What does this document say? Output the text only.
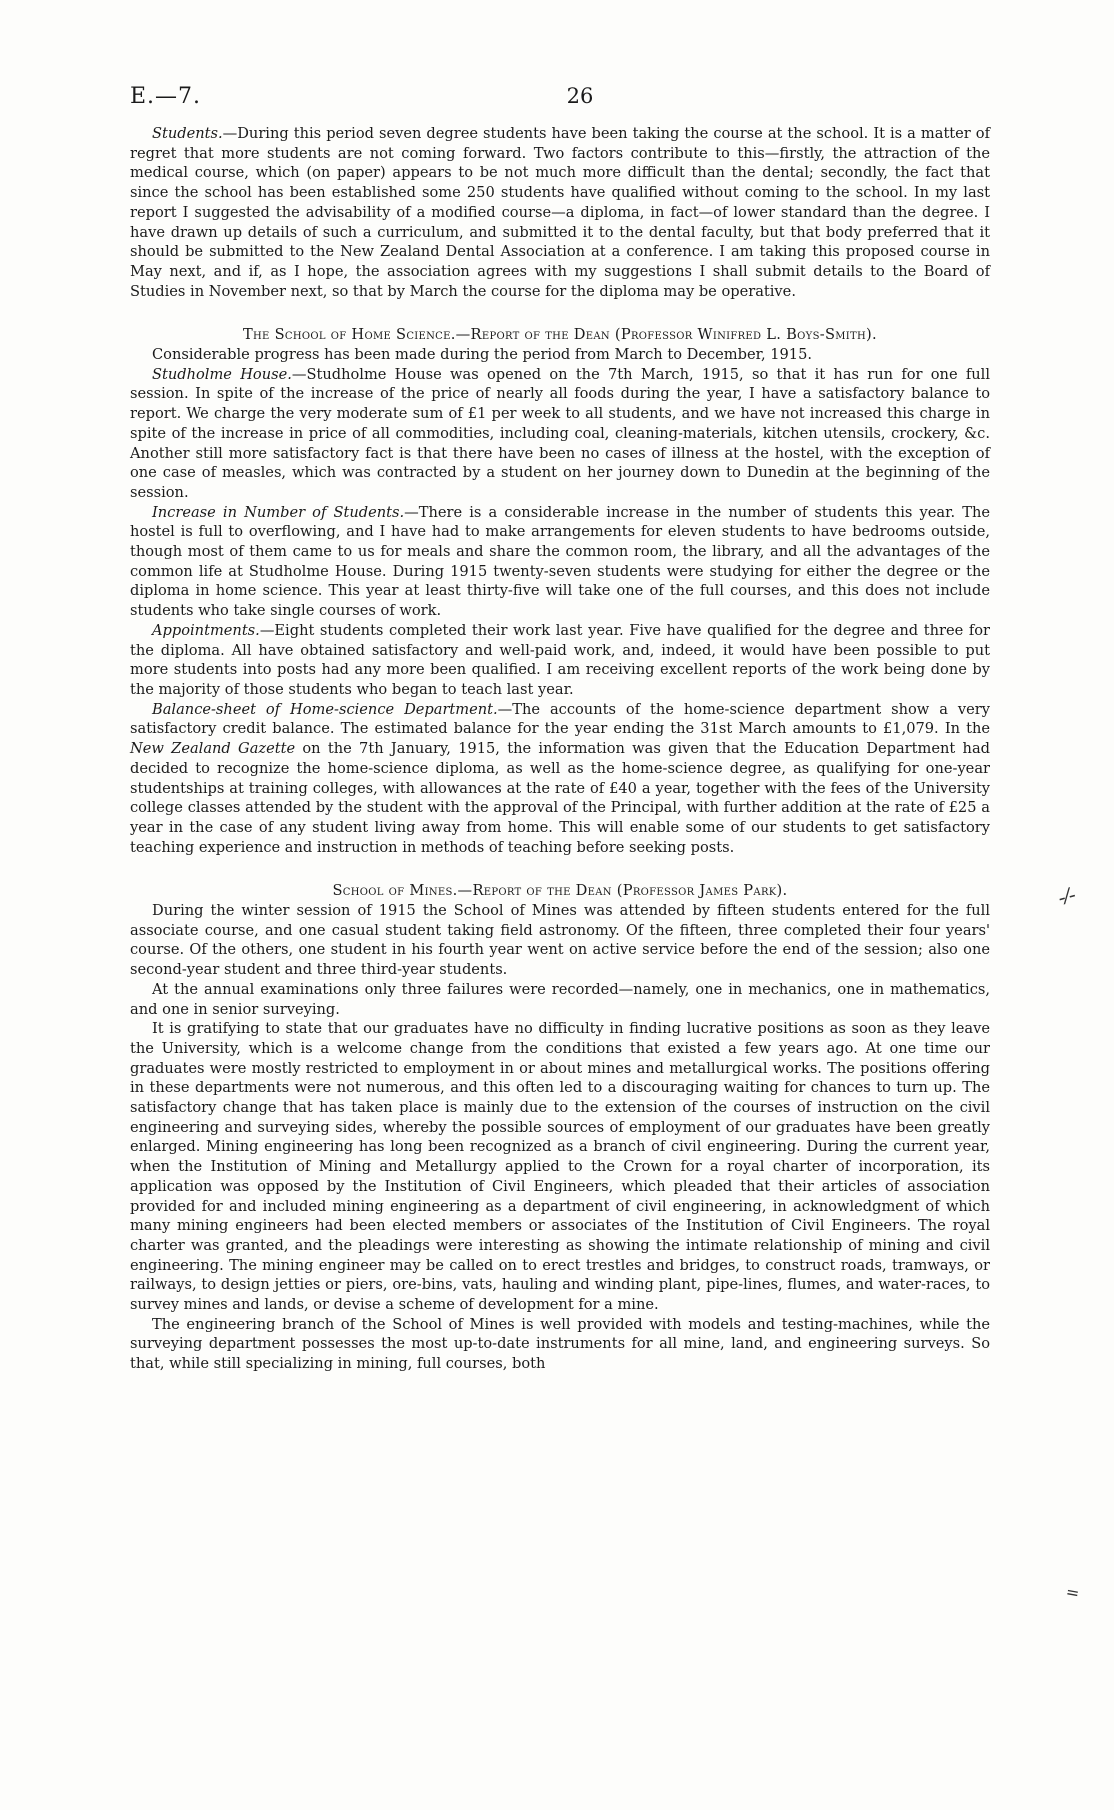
E.—7.	26

Students.—During this period seven degree students have been taking the course at the school. It is a matter of regret that more students are not coming forward. Two factors contribute to this—firstly, the attraction of the medical course, which (on paper) appears to be not much more difficult than the dental; secondly, the fact that since the school has been established some 250 students have qualified without coming to the school. In my last report I suggested the advisability of a modified course—a diploma, in fact—of lower standard than the degree. I have drawn up details of such a curriculum, and submitted it to the dental faculty, but that body preferred that it should be submitted to the New Zealand Dental Association at a conference. I am taking this proposed course in May next, and if, as I hope, the association agrees with my suggestions I shall submit details to the Board of Studies in November next, so that by March the course for the diploma may be operative.

The School of Home Science.—Report of the Dean (Professor Winifred L. Boys-Smith).

Considerable progress has been made during the period from March to December, 1915.

Studholme House.—Studholme House was opened on the 7th March, 1915, so that it has run for one full session. In spite of the increase of the price of nearly all foods during the year, I have a satisfactory balance to report. We charge the very moderate sum of £1 per week to all students, and we have not increased this charge in spite of the increase in price of all commodities, including coal, cleaning-materials, kitchen utensils, crockery, &c. Another still more satisfactory fact is that there have been no cases of illness at the hostel, with the exception of one case of measles, which was contracted by a student on her journey down to Dunedin at the beginning of the session.

Increase in Number of Students.—There is a considerable increase in the number of students this year. The hostel is full to overflowing, and I have had to make arrangements for eleven students to have bedrooms outside, though most of them came to us for meals and share the common room, the library, and all the advantages of the common life at Studholme House. During 1915 twenty-seven students were studying for either the degree or the diploma in home science. This year at least thirty-five will take one of the full courses, and this does not include students who take single courses of work.

Appointments.—Eight students completed their work last year. Five have qualified for the degree and three for the diploma. All have obtained satisfactory and well-paid work, and, indeed, it would have been possible to put more students into posts had any more been qualified. I am receiving excellent reports of the work being done by the majority of those students who began to teach last year.

Balance-sheet of Home-science Department.—The accounts of the home-science department show a very satisfactory credit balance. The estimated balance for the year ending the 31st March amounts to £1,079. In the New Zealand Gazette on the 7th January, 1915, the information was given that the Education Department had decided to recognize the home-science diploma, as well as the home-science degree, as qualifying for one-year studentships at training colleges, with allowances at the rate of £40 a year, together with the fees of the University college classes attended by the student with the approval of the Principal, with further addition at the rate of £25 a year in the case of any student living away from home. This will enable some of our students to get satisfactory teaching experience and instruction in methods of teaching before seeking posts.

School of Mines.—Report of the Dean (Professor James Park).

During the winter session of 1915 the School of Mines was attended by fifteen students entered for the full associate course, and one casual student taking field astronomy. Of the fifteen, three completed their four years' course. Of the others, one student in his fourth year went on active service before the end of the session; also one second-year student and three third-year students.

At the annual examinations only three failures were recorded—namely, one in mechanics, one in mathematics, and one in senior surveying.

It is gratifying to state that our graduates have no difficulty in finding lucrative positions as soon as they leave the University, which is a welcome change from the conditions that existed a few years ago. At one time our graduates were mostly restricted to employment in or about mines and metallurgical works. The positions offering in these departments were not numerous, and this often led to a discouraging waiting for chances to turn up. The satisfactory change that has taken place is mainly due to the extension of the courses of instruction on the civil engineering and surveying sides, whereby the possible sources of employment of our graduates have been greatly enlarged. Mining engineering has long been recognized as a branch of civil engineering. During the current year, when the Institution of Mining and Metallurgy applied to the Crown for a royal charter of incorporation, its application was opposed by the Institution of Civil Engineers, which pleaded that their articles of association provided for and included mining engineering as a department of civil engineering, in acknowledgment of which many mining engineers had been elected members or associates of the Institution of Civil Engineers. The royal charter was granted, and the pleadings were interesting as showing the intimate relationship of mining and civil engineering. The mining engineer may be called on to erect trestles and bridges, to construct roads, tramways, or railways, to design jetties or piers, ore-bins, vats, hauling and winding plant, pipe-lines, flumes, and water-races, to survey mines and lands, or devise a scheme of development for a mine.

The engineering branch of the School of Mines is well provided with models and testing-machines, while the surveying department possesses the most up-to-date instruments for all mine, land, and engineering surveys. So that, while still specializing in mining, full courses, both

-⁄-
=
